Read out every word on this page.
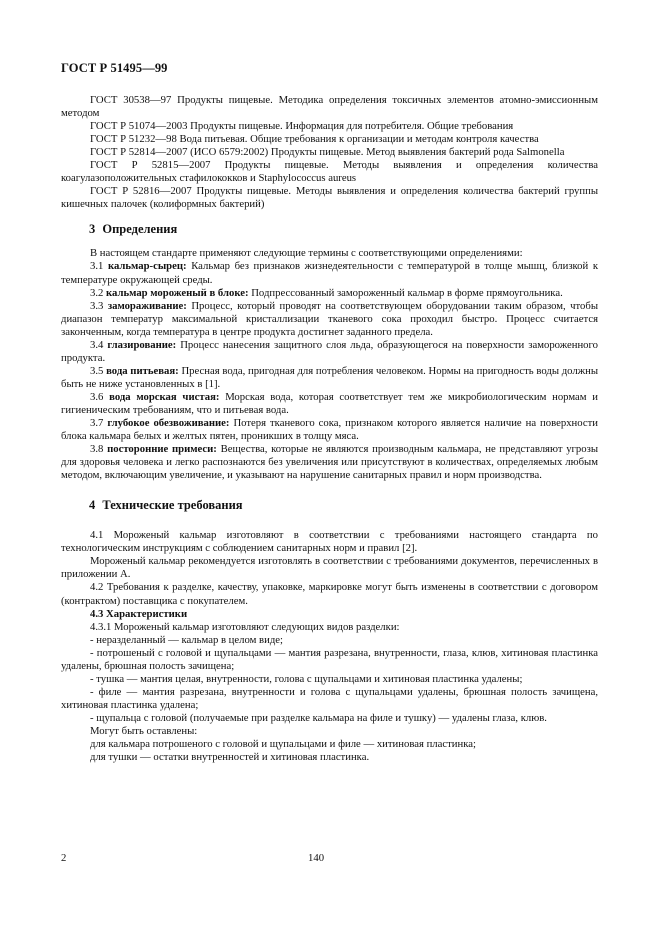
ГОСТ Р 51495—99

ГОСТ 30538—97 Продукты пищевые. Методика определения токсичных элементов атомно-эмиссионным методом

ГОСТ Р 51074—2003 Продукты пищевые. Информация для потребителя. Общие требования

ГОСТ Р 51232—98 Вода питьевая. Общие требования к организации и методам контроля качества

ГОСТ Р 52814—2007 (ИСО 6579:2002) Продукты пищевые. Метод выявления бактерий рода Salmonella

ГОСТ Р 52815—2007 Продукты пищевые. Методы выявления и определения количества коагулазоположительных стафилококков и Staphylococcus aureus

ГОСТ Р 52816—2007 Продукты пищевые. Методы выявления и определения количества бактерий группы кишечных палочек (колиформных бактерий)

3 Определения

В настоящем стандарте применяют следующие термины с соответствующими определениями:

3.1 кальмар-сырец: Кальмар без признаков жизнедеятельности с температурой в толще мышц, близкой к температуре окружающей среды.

3.2 кальмар мороженый в блоке: Подпрессованный замороженный кальмар в форме прямоугольника.

3.3 замораживание: Процесс, который проводят на соответствующем оборудовании таким образом, чтобы диапазон температур максимальной кристаллизации тканевого сока проходил быстро. Процесс считается законченным, когда температура в центре продукта достигнет заданного предела.

3.4 глазирование: Процесс нанесения защитного слоя льда, образующегося на поверхности замороженного продукта.

3.5 вода питьевая: Пресная вода, пригодная для потребления человеком. Нормы на пригодность воды должны быть не ниже установленных в [1].

3.6 вода морская чистая: Морская вода, которая соответствует тем же микробиологическим нормам и гигиеническим требованиям, что и питьевая вода.

3.7 глубокое обезвоживание: Потеря тканевого сока, признаком которого является наличие на поверхности блока кальмара белых и желтых пятен, проникших в толщу мяса.

3.8 посторонние примеси: Вещества, которые не являются производным кальмара, не представляют угрозы для здоровья человека и легко распознаются без увеличения или присутствуют в количествах, определяемых любым методом, включающим увеличение, и указывают на нарушение санитарных правил и норм производства.

4 Технические требования

4.1 Мороженый кальмар изготовляют в соответствии с требованиями настоящего стандарта по технологическим инструкциям с соблюдением санитарных норм и правил [2].

Мороженый кальмар рекомендуется изготовлять в соответствии с требованиями документов, перечисленных в приложении А.

4.2 Требования к разделке, качеству, упаковке, маркировке могут быть изменены в соответствии с договором (контрактом) поставщика с покупателем.

4.3 Характеристики

4.3.1 Мороженый кальмар изготовляют следующих видов разделки:

- неразделанный — кальмар в целом виде;

- потрошеный с головой и щупальцами — мантия разрезана, внутренности, глаза, клюв, хитиновая пластинка удалены, брюшная полость зачищена;

- тушка — мантия целая, внутренности, голова с щупальцами и хитиновая пластинка удалены;

- филе — мантия разрезана, внутренности и голова с щупальцами удалены, брюшная полость зачищена, хитиновая пластинка удалена;

- щупальца с головой (получаемые при разделке кальмара на филе и тушку) — удалены глаза, клюв.

Могут быть оставлены:

для кальмара потрошеного с головой и щупальцами и филе — хитиновая пластинка;

для тушки — остатки внутренностей и хитиновая пластинка.

2	140
